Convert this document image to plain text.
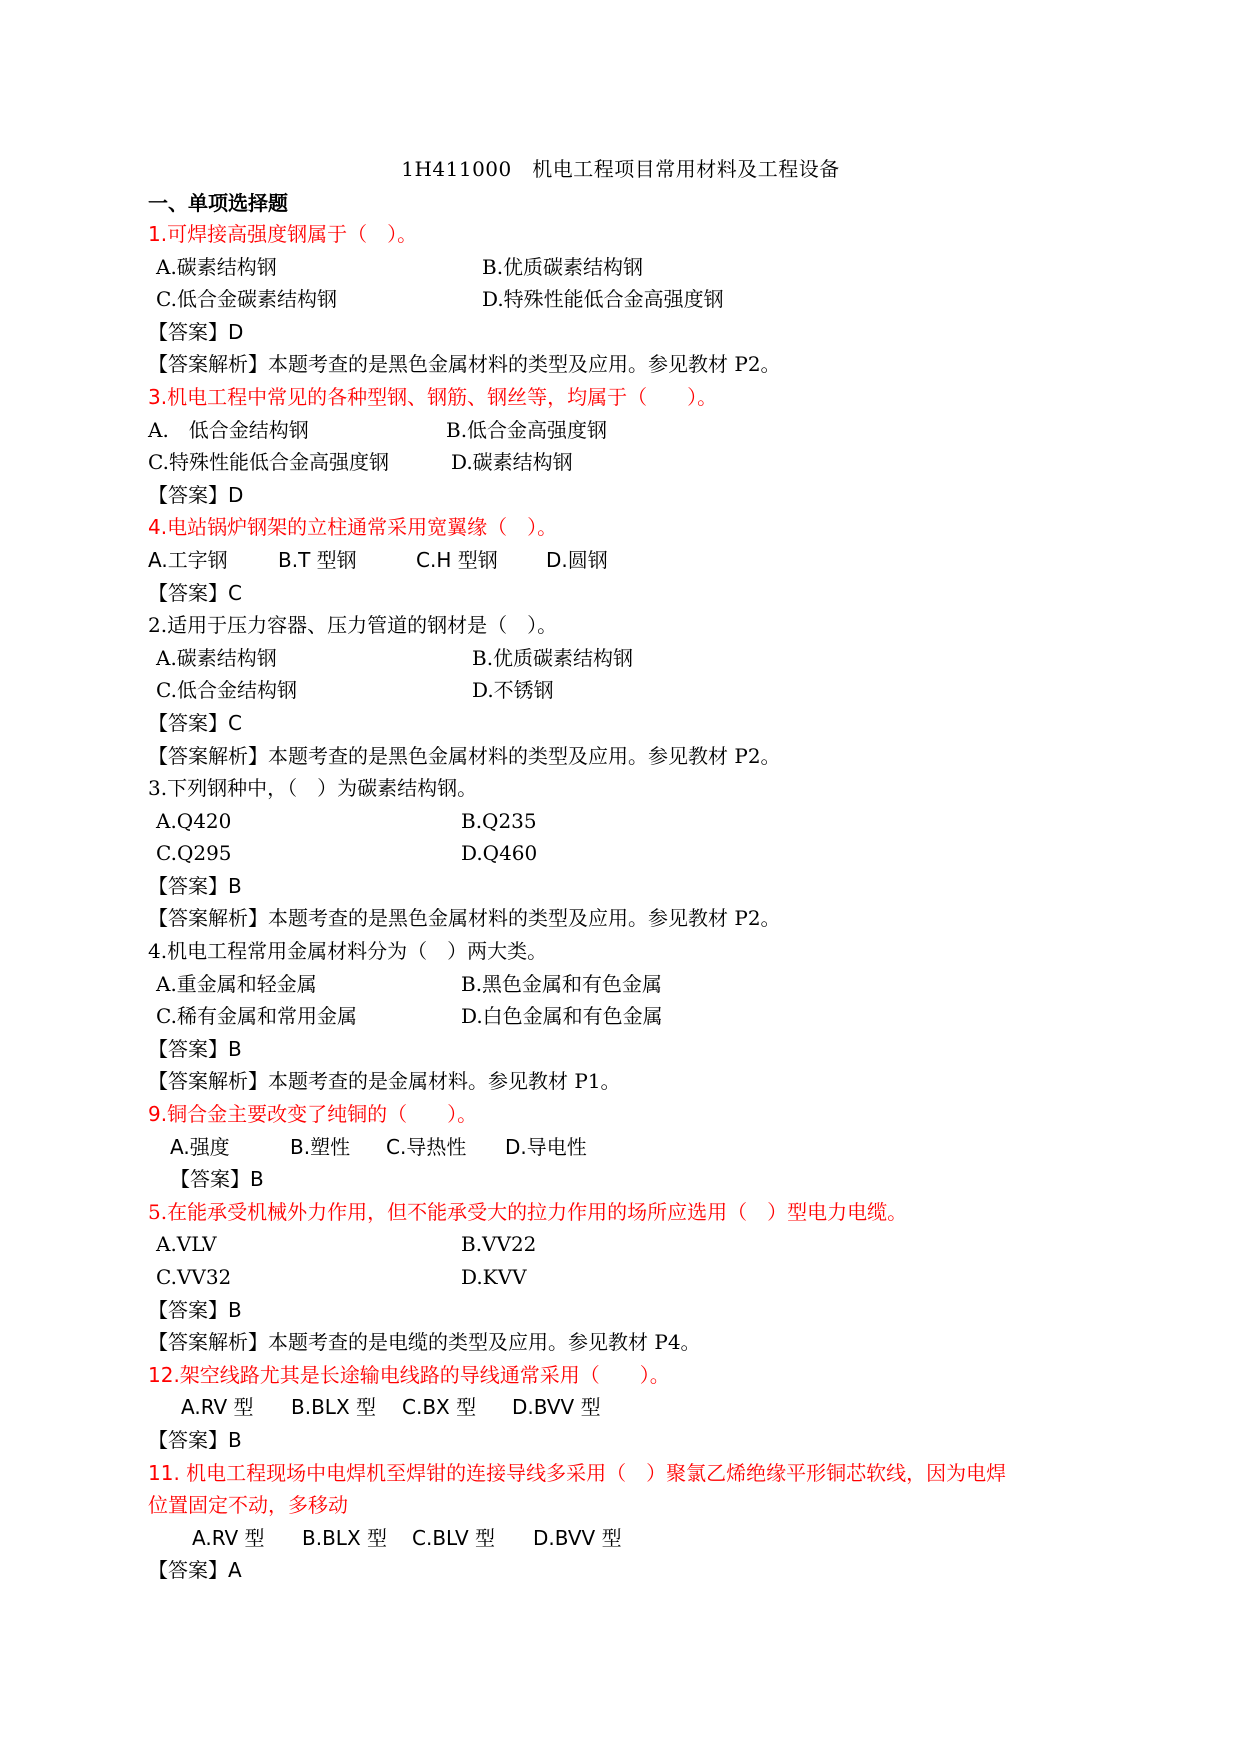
1H411000　机电工程项目常用材料及工程设备
一、单项选择题
1.可焊接高强度钢属于（　）。
A.碳素结构钢	B.优质碳素结构钢
C.低合金碳素结构钢	D.特殊性能低合金高强度钢
【答案】D
【答案解析】本题考查的是黑色金属材料的类型及应用。参见教材 P2。
3.机电工程中常见的各种型钢、钢筋、钢丝等，均属于（　　）。
A.　低合金结构钢	B.低合金高强度钢
C.特殊性能低合金高强度钢	D.碳素结构钢
【答案】D
4.电站锅炉钢架的立柱通常采用宽翼缘（　）。
A.工字钢	B.T 型钢	C.H 型钢 D.圆钢
【答案】C
2.适用于压力容器、压力管道的钢材是（　）。
A.碳素结构钢	B.优质碳素结构钢
C.低合金结构钢	D.不锈钢
【答案】C
【答案解析】本题考查的是黑色金属材料的类型及应用。参见教材 P2。
3.下列钢种中，（　）为碳素结构钢。
A.Q420	B.Q235
C.Q295	D.Q460
【答案】B
【答案解析】本题考查的是黑色金属材料的类型及应用。参见教材 P2。
4.机电工程常用金属材料分为（　）两大类。
A.重金属和轻金属	B.黑色金属和有色金属
C.稀有金属和常用金属	D.白色金属和有色金属
【答案】B
【答案解析】本题考查的是金属材料。参见教材 P1。
9.铜合金主要改变了纯铜的（　　）。
A.强度	B.塑性 C.导热性 D.导电性
【答案】B
5.在能承受机械外力作用，但不能承受大的拉力作用的场所应选用（　）型电力电缆。
A.VLV	B.VV22
C.VV32	D.KVV
【答案】B
【答案解析】本题考查的是电缆的类型及应用。参见教材 P4。
12.架空线路尤其是长途输电线路的导线通常采用（　　）。
A.RV 型 B.BLX 型 C.BX 型 D.BVV 型
【答案】B
11. 机电工程现场中电焊机至焊钳的连接导线多采用（　）聚氯乙烯绝缘平形铜芯软线，因为电焊
位置固定不动，多移动
A.RV 型 B.BLX 型 C.BLV 型 D.BVV 型
【答案】A
